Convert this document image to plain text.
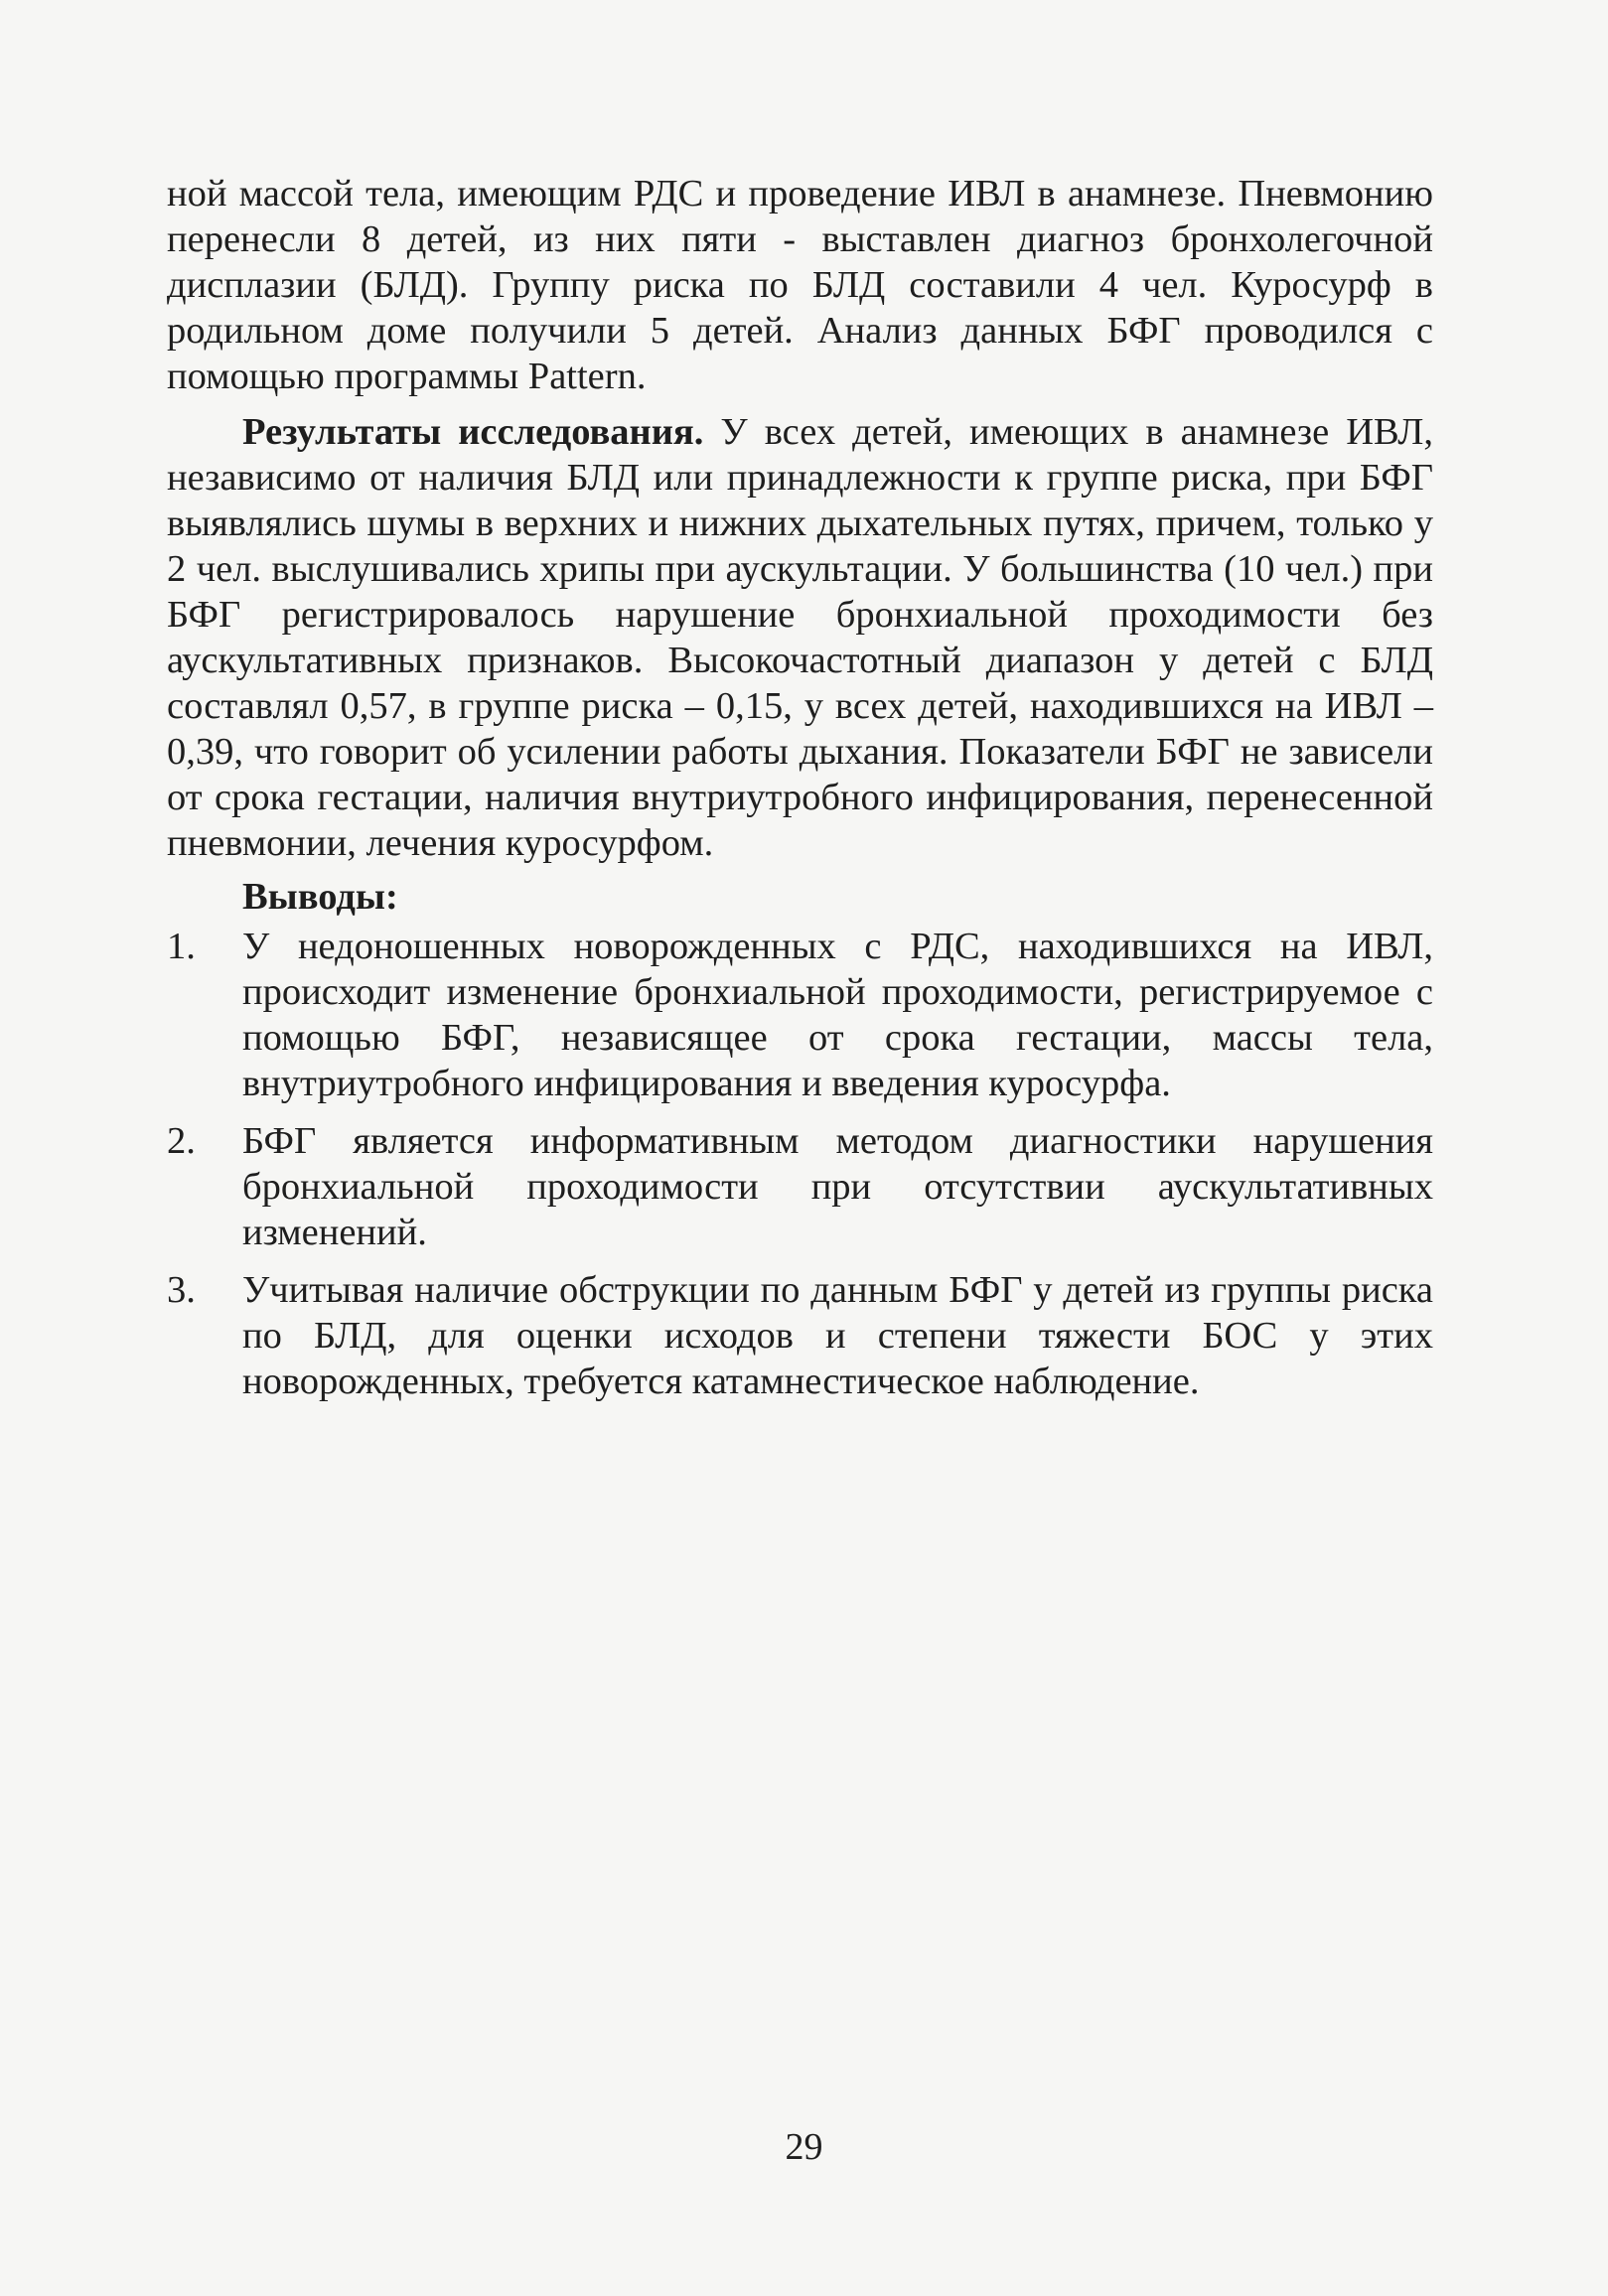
ной массой тела, имеющим РДС и проведение ИВЛ в анамнезе. Пневмонию перенесли 8 детей, из них пяти - выставлен диагноз бронхолегочной дисплазии (БЛД). Группу риска по БЛД составили 4 чел. Куросурф в родильном доме получили 5 детей. Анализ данных БФГ проводился с помощью программы Pattern.

Результаты исследования. У всех детей, имеющих в анамнезе ИВЛ, независимо от наличия БЛД или принадлежности к группе риска, при БФГ выявлялись шумы в верхних и нижних дыхательных путях, причем, только у 2 чел. выслушивались хрипы при аускультации. У большинства (10 чел.) при БФГ регистрировалось нарушение бронхиальной проходимости без аускультативных признаков. Высокочастотный диапазон у детей с БЛД составлял 0,57, в группе риска – 0,15, у всех детей, находившихся на ИВЛ – 0,39, что говорит об усилении работы дыхания. Показатели БФГ не зависели от срока гестации, наличия внутриутробного инфицирования, перенесенной пневмонии, лечения куросурфом.

Выводы:
1. У недоношенных новорожденных с РДС, находившихся на ИВЛ, происходит изменение бронхиальной проходимости, регистрируемое с помощью БФГ, независящее от срока гестации, массы тела, внутриутробного инфицирования и введения куросурфа.
2. БФГ является информативным методом диагностики нарушения бронхиальной проходимости при отсутствии аускультативных изменений.
3. Учитывая наличие обструкции по данным БФГ у детей из группы риска по БЛД, для оценки исходов и степени тяжести БОС у этих новорожденных, требуется катамнестическое наблюдение.
29
